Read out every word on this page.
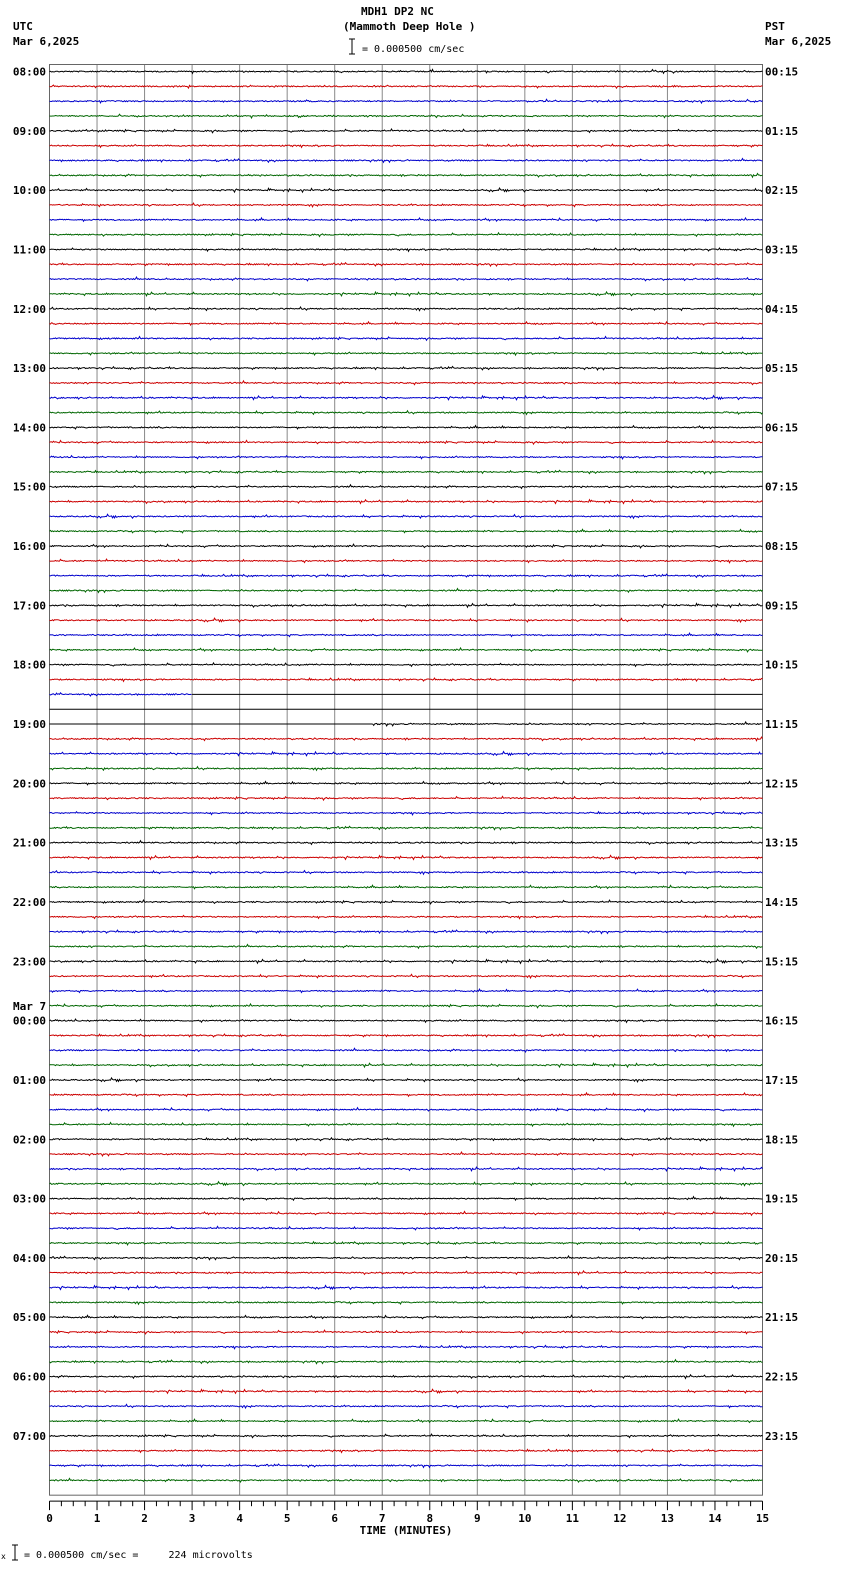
MDH1 DP2 NC
(Mammoth Deep Hole )
UTC
Mar 6,2025
PST
Mar 6,2025
= 0.000500 cm/sec
x = 0.000500 cm/sec =     224 microvolts
08:00
09:00
10:00
11:00
12:00
13:00
14:00
15:00
16:00
17:00
18:00
19:00
20:00
21:00
22:00
23:00
00:00
01:00
02:00
03:00
04:00
05:00
06:00
07:00
00:15
01:15
02:15
03:15
04:15
05:15
06:15
07:15
08:15
09:15
10:15
11:15
12:15
13:15
14:15
15:15
16:15
17:15
18:15
19:15
20:15
21:15
22:15
23:15
Mar 7
0	1	2	3	4	5	6	7	8	9	10	11	12	13	14	15
TIME (MINUTES)
